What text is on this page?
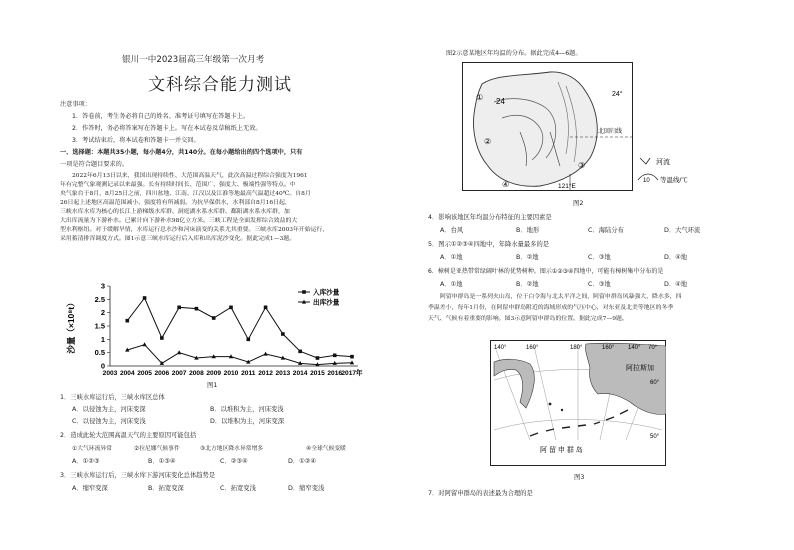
银川一中2023届高三年级第一次月考
文科综合能力测试
注意事项：
1．答卷前，考生务必将自己的姓名、准考证号填写在答题卡上。
2．作答时，务必将答案写在答题卡上。写在本试卷及草稿纸上无效。
3．考试结束后，将本试卷和答题卡一并交回。
一、选择题：本题共35小题，每小题4分，共140分。在每小题给出的四个选项中，只有
一项是符合题目要求的。
2022年6月13日以来，我国出现持续性、大范围高温天气，此次高温过程综合强度为1961
年有完整气象观测记录以来最强。长有持续时间长、范围广、强度大、极端性强等特点。中
央气象台于8月，8月25日之前，四川盆地、江南、江汉以及江淮等地最高气温超过40℃。自8月
26日起上述地区高温范围减小、强度将有所减弱。为抗旱保供水，水利部自8月16日起，
三峡水库水库为核心的长江上游梯级水库群、洞庭湖水系水库群、鄱阳湖水系水库群，加
大出库流量为下游补水。已累计向下游补水98亿立方米。三峡工程是全面发挥综合效益的大
型水利枢纽。对于缓解旱情，水库运行总水沙和河床演变的关系尤其重要。三峡水库2003年开始运行，
采用蓄清排浑调度方式。图1示意三峡水库运行后入库和出库泥沙变化。据此完成1—3题。
0
0.5
1
1.5
2
2.5
3
沙量（×10⁸t）
2003 2004 2005 2006 2007 2008 2009 2010 2011 2012 2013 2014 2015 2016 2017年
入库沙量
出库沙量
图1
1．三峡水库运行后，三峡水库区总体
A．以侵蚀为主，河床变深	B．以堆积为主，河床变浅
C．以侵蚀为主，河床变浅	D．以堆积为主，河床变深
2．造成此轮大范围高温天气的主要原因可能包括
①大气环流异常	②拉尼娜气候事件	③北方地区降水异常增多	④全球气候变暖
A．①②③	B．①③④	C．②③④	D．①②④
3．三峡水库运行后，三峡水库下游河床变化总体趋势是
A．缩窄变深	B．拓宽变深	C．拓宽变浅	D．缩窄变浅
图2示意某地区年均温的分布。据此完成4—6题。
24
24°
北回归线
121°E
①
②
③
④
河流
10 等温线/℃
图2
4．影响该地区年均温分布特征的主要因素是
A．台风	B．地形	C．海陆分布	D．大气环流
5．图示①②③④四地中，年降水量最多的是
A．①地	B．②地	C．③地	D．④地
6．樟树是亚热带常绿阔叶林的优势树种。图示①②③④四地中，可能有樟树集中分布的是
A．①地	B．②地	C．③地	D．④地
阿留申群岛是一系列火山岛，位于白令海与北太平洋之间，阿留申群岛风暴强大、降水多，四
季温差小，每年1月份，在阿留申群岛附近的海域形成的气压中心，对东亚及北美等地区的冬季
天气、气候有着重要的影响。图3示意阿留申群岛的位置。据此完成7—9题。
140°	160°	180°	160° 140° 70°
60°
50°
阿拉斯加
阿 留 申 群 岛
图3
7．对阿留申群岛的表述最为合理的是
